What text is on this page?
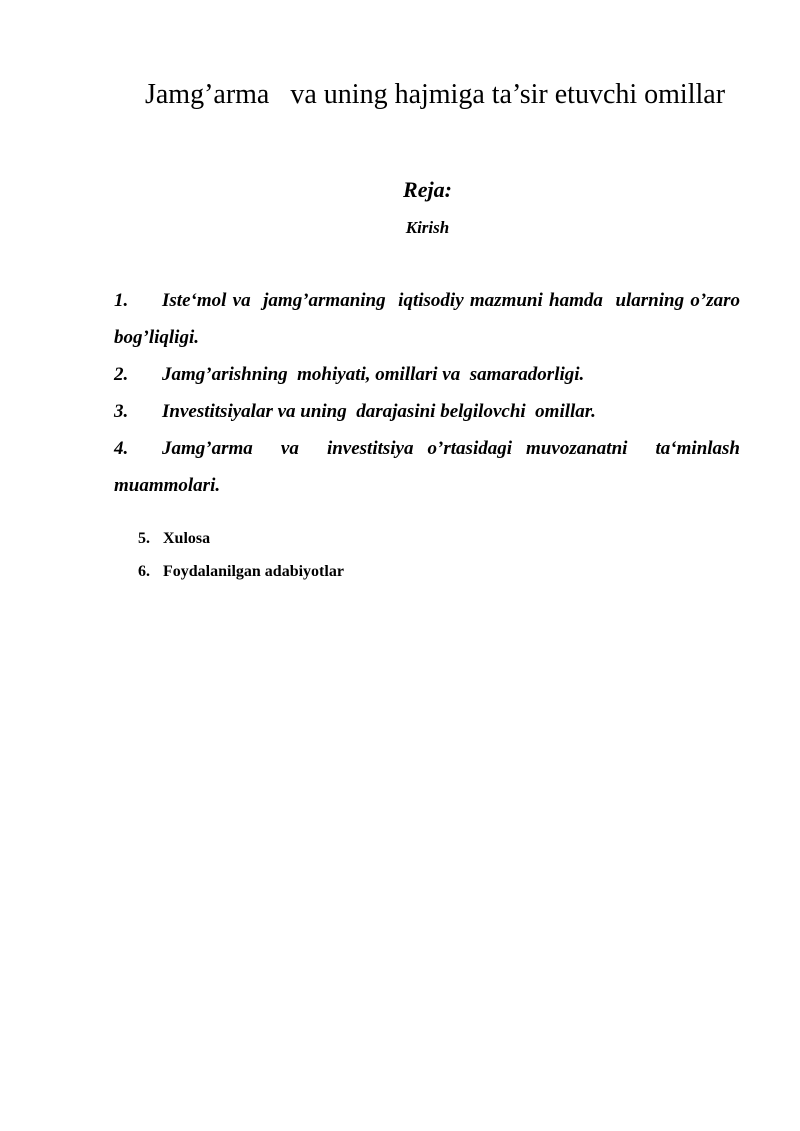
Jamg’arma   va uning hajmiga ta’sir etuvchi omillar
Reja:
Kirish
1. Iste‘mol va  jamg’armaning  iqtisodiy mazmuni hamda  ularning o’zaro bog’liqligi.
2. Jamg’arishning  mohiyati, omillari va  samaradorligi.
3. Investitsiyalar va uning  darajasini belgilovchi  omillar.
4. Jamg’arma  va  investitsiya o’rtasidagi muvozanatni  ta‘minlash muammolari.
5. Xulosa
6. Foydalanilgan adabiyotlar
